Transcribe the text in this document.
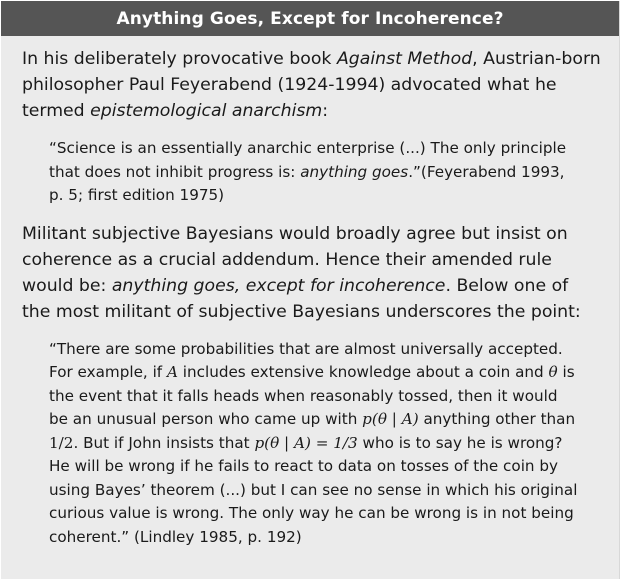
Anything Goes, Except for Incoherence?

In his deliberately provocative book Against Method, Austrian-born philosopher Paul Feyerabend (1924-1994) advocated what he termed epistemological anarchism:

“Science is an essentially anarchic enterprise (...) The only principle that does not inhibit progress is: anything goes.”(Feyerabend 1993, p. 5; first edition 1975)

Militant subjective Bayesians would broadly agree but insist on coherence as a crucial addendum. Hence their amended rule would be: anything goes, except for incoherence. Below one of the most militant of subjective Bayesians underscores the point:

“There are some probabilities that are almost universally accepted. For example, if A includes extensive knowledge about a coin and θ is the event that it falls heads when reasonably tossed, then it would be an unusual person who came up with p(θ | A) anything other than 1/2. But if John insists that p(θ | A) = 1/3 who is to say he is wrong? He will be wrong if he fails to react to data on tosses of the coin by using Bayes’ theorem (...) but I can see no sense in which his original curious value is wrong. The only way he can be wrong is in not being coherent.” (Lindley 1985, p. 192)
